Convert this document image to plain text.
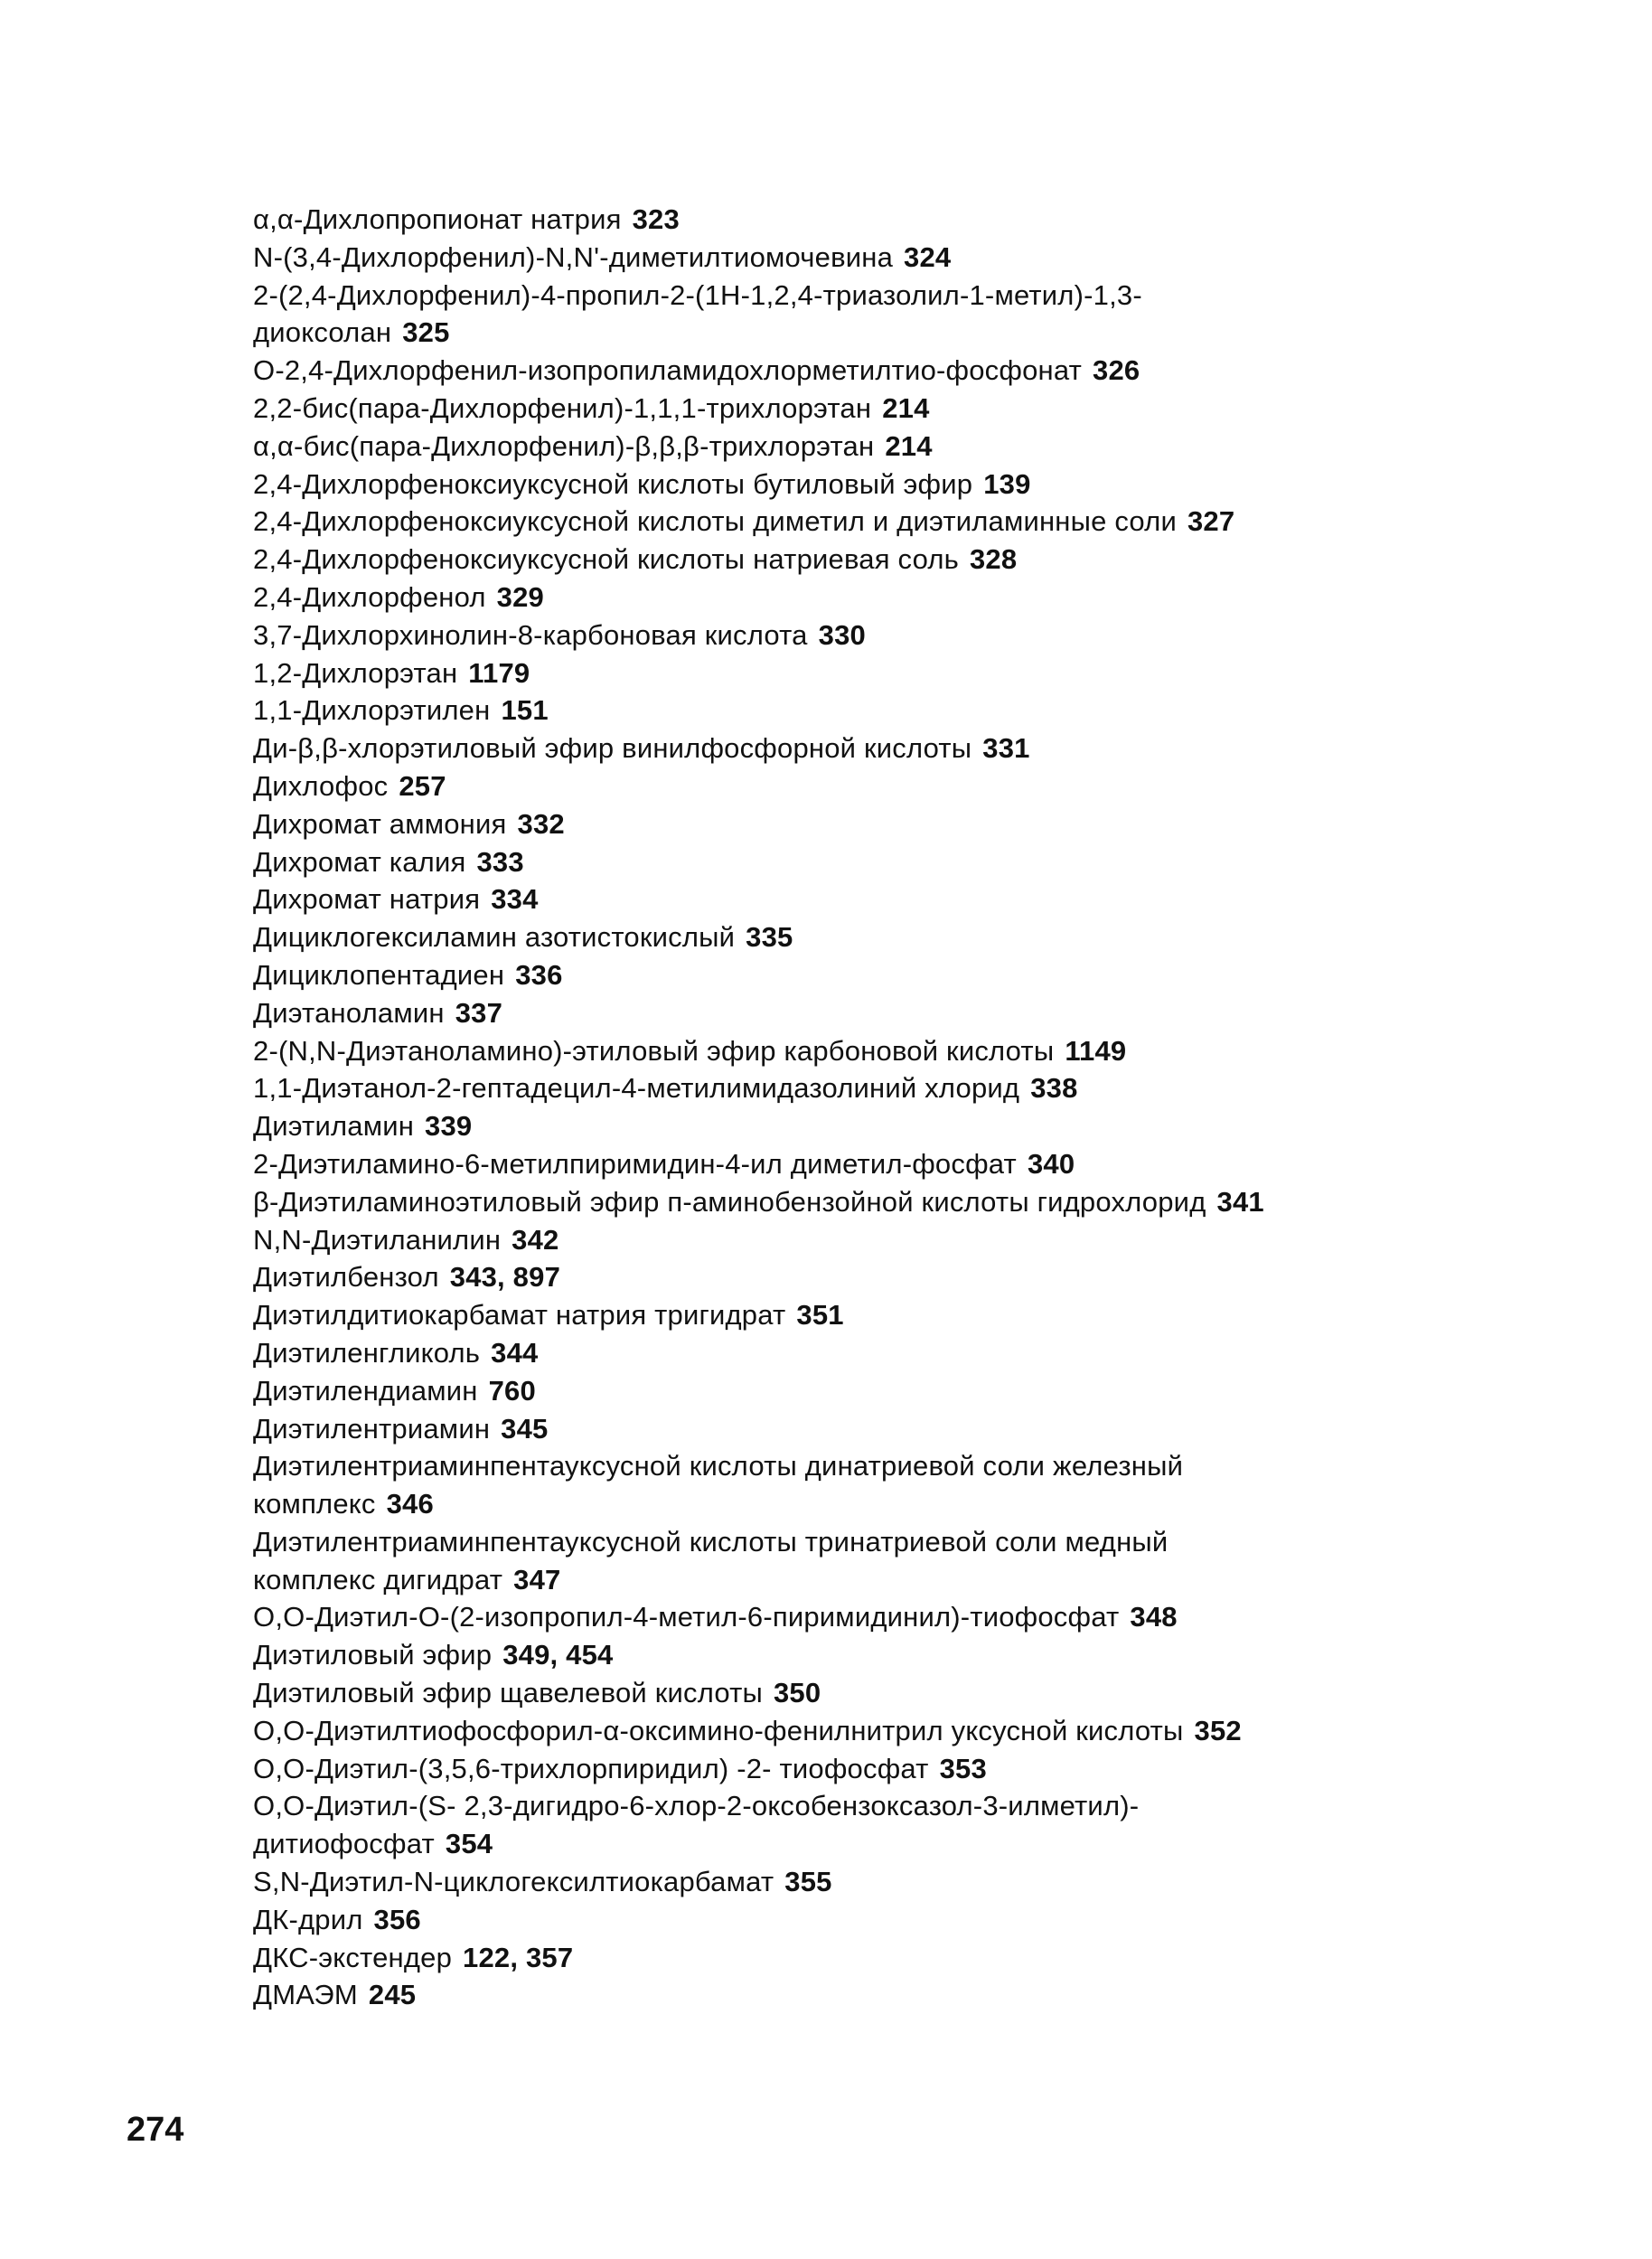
α,α-Дихлопропионат натрия 323
N-(3,4-Дихлорфенил)-N,N'-диметилтиомочевина 324
2-(2,4-Дихлорфенил)-4-пропил-2-(1H-1,2,4-триазолил-1-метил)-1,3-
диоксолан 325
O-2,4-Дихлорфенил-изопропиламидохлорметилтио-фосфонат 326
2,2-бис(пара-Дихлорфенил)-1,1,1-трихлорэтан 214
α,α-бис(пара-Дихлорфенил)-β,β,β-трихлорэтан 214
2,4-Дихлорфеноксиуксусной кислоты бутиловый эфир 139
2,4-Дихлорфеноксиуксусной кислоты диметил и диэтиламинные соли 327
2,4-Дихлорфеноксиуксусной кислоты натриевая соль 328
2,4-Дихлорфенол 329
3,7-Дихлорхинолин-8-карбоновая кислота 330
1,2-Дихлорэтан 1179
1,1-Дихлорэтилен 151
Ди-β,β-хлорэтиловый эфир винилфосфорной кислоты 331
Дихлофос 257
Дихромат аммония 332
Дихромат калия 333
Дихромат натрия 334
Дициклогексиламин азотистокислый 335
Дициклопентадиен 336
Диэтаноламин 337
2-(N,N-Диэтаноламино)-этиловый эфир карбоновой кислоты 1149
1,1-Диэтанол-2-гептадецил-4-метилимидазолиний хлорид 338
Диэтиламин 339
2-Диэтиламино-6-метилпиримидин-4-ил диметил-фосфат 340
β-Диэтиламиноэтиловый эфир п-аминобензойной кислоты гидрохлорид 341
N,N-Диэтиланилин 342
Диэтилбензол 343, 897
Диэтилдитиокарбамат натрия тригидрат 351
Диэтиленгликоль 344
Диэтилендиамин 760
Диэтилентриамин 345
Диэтилентриаминпентауксусной кислоты динатриевой соли железный
комплекс 346
Диэтилентриаминпентауксусной кислоты тринатриевой соли медный
комплекс дигидрат 347
O,O-Диэтил-O-(2-изопропил-4-метил-6-пиримидинил)-тиофосфат 348
Диэтиловый эфир 349, 454
Диэтиловый эфир щавелевой кислоты 350
O,O-Диэтилтиофосфорил-α-оксимино-фенилнитрил уксусной кислоты 352
O,O-Диэтил-(3,5,6-трихлорпиридил) -2- тиофосфат 353
O,O-Диэтил-(S- 2,3-дигидро-6-хлор-2-оксобензоксазол-3-илметил)-
дитиофосфат 354
S,N-Диэтил-N-циклогексилтиокарбамат 355
ДК-дрил 356
ДКС-экстендер 122, 357
ДМАЭМ 245
274
